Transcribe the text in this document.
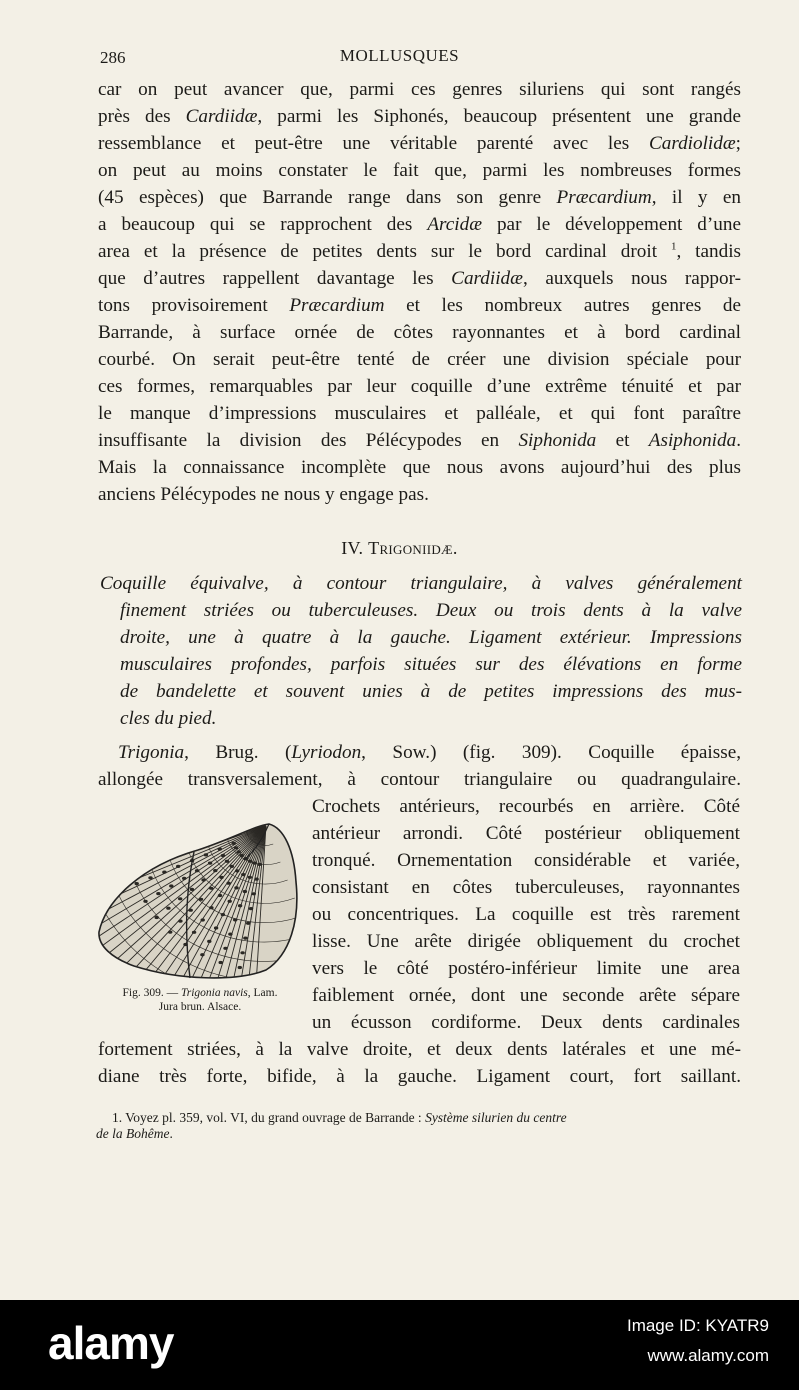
286	MOLLUSQUES
car on peut avancer que, parmi ces genres siluriens qui sont rangés
près des Cardiidæ, parmi les Siphonés, beaucoup présentent une grande
ressemblance et peut-être une véritable parenté avec les Cardiolidæ;
on peut au moins constater le fait que, parmi les nombreuses formes
(45 espèces) que Barrande range dans son genre Præcardium, il y en
a beaucoup qui se rapprochent des Arcidæ par le développement d’une
area et la présence de petites dents sur le bord cardinal droit $^1$, tandis
que d’autres rappellent davantage les Cardiidæ, auxquels nous rappor-
tons provisoirement Præcardium et les nombreux autres genres de
Barrande, à surface ornée de côtes rayonnantes et à bord cardinal
courbé. On serait peut-être tenté de créer une division spéciale pour
ces formes, remarquables par leur coquille d’une extrême ténuité et par
le manque d’impressions musculaires et palléale, et qui font paraître
insuffisante la division des Pélécypodes en Siphonida et Asiphonida.
Mais la connaissance incomplète que nous avons aujourd’hui des plus
anciens Pélécypodes ne nous y engage pas.
IV. Trigoniidæ.
Coquille équivalve, à contour triangulaire, à valves généralement
finement striées ou tuberculeuses. Deux ou trois dents à la valve
droite, une à quatre à la gauche. Ligament extérieur. Impressions
musculaires profondes, parfois situées sur des élévations en forme
de bandelette et souvent unies à de petites impressions des mus-
cles du pied.
Trigonia, Brug. (Lyriodon, Sow.) (fig. 309). Coquille épaisse,
allongée transversalement, à contour triangulaire ou quadrangulaire.
Fig. 309. — Trigonia navis, Lam.
Jura brun. Alsace.
Crochets antérieurs, recourbés en arrière. Côté
antérieur arrondi. Côté postérieur obliquement
tronqué. Ornementation considérable et variée,
consistant en côtes tuberculeuses, rayonnantes
ou concentriques. La coquille est très rarement
lisse. Une arête dirigée obliquement du crochet
vers le côté postéro-inférieur limite une area
faiblement ornée, dont une seconde arête sépare
un écusson cordiforme. Deux dents cardinales
fortement striées, à la valve droite, et deux dents latérales et une mé-
diane très forte, bifide, à la gauche. Ligament court, fort saillant.
1. Voyez pl. 359, vol. VI, du grand ouvrage de Barrande : Système silurien du centre
de la Bohême.
alamy	Image ID: KYATR9
www.alamy.com
